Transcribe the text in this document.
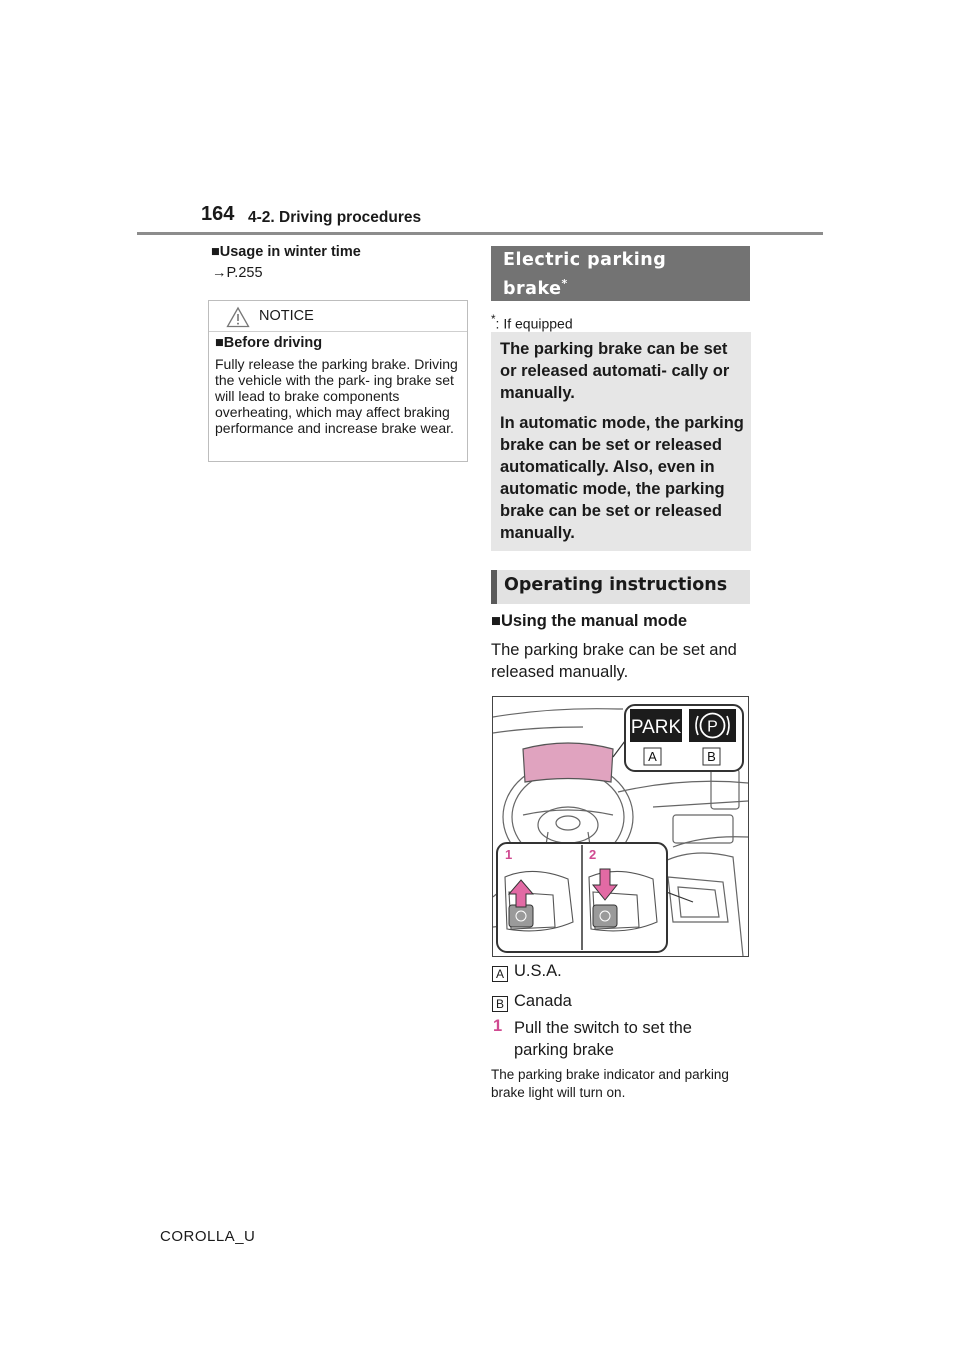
164 4-2. Driving procedures
■Usage in winter time
→P.255
NOTICE
■Before driving
Fully release the parking brake. Driving the vehicle with the park- ing brake set will lead to brake components overheating, which may affect braking performance and increase brake wear.
Electric parking
brake*
*: If equipped
The parking brake can be set or released automati- cally or manually.
In automatic mode, the parking brake can be set or released automatically. Also, even in automatic mode, the parking brake can be set or released manually.
Operating instructions
■Using the manual mode
The parking brake can be set and released manually.
PARK P
A	B
1	2
A U.S.A.
B Canada
1 Pull the switch to set the parking brake
The parking brake indicator and parking brake light will turn on.
COROLLA_U
